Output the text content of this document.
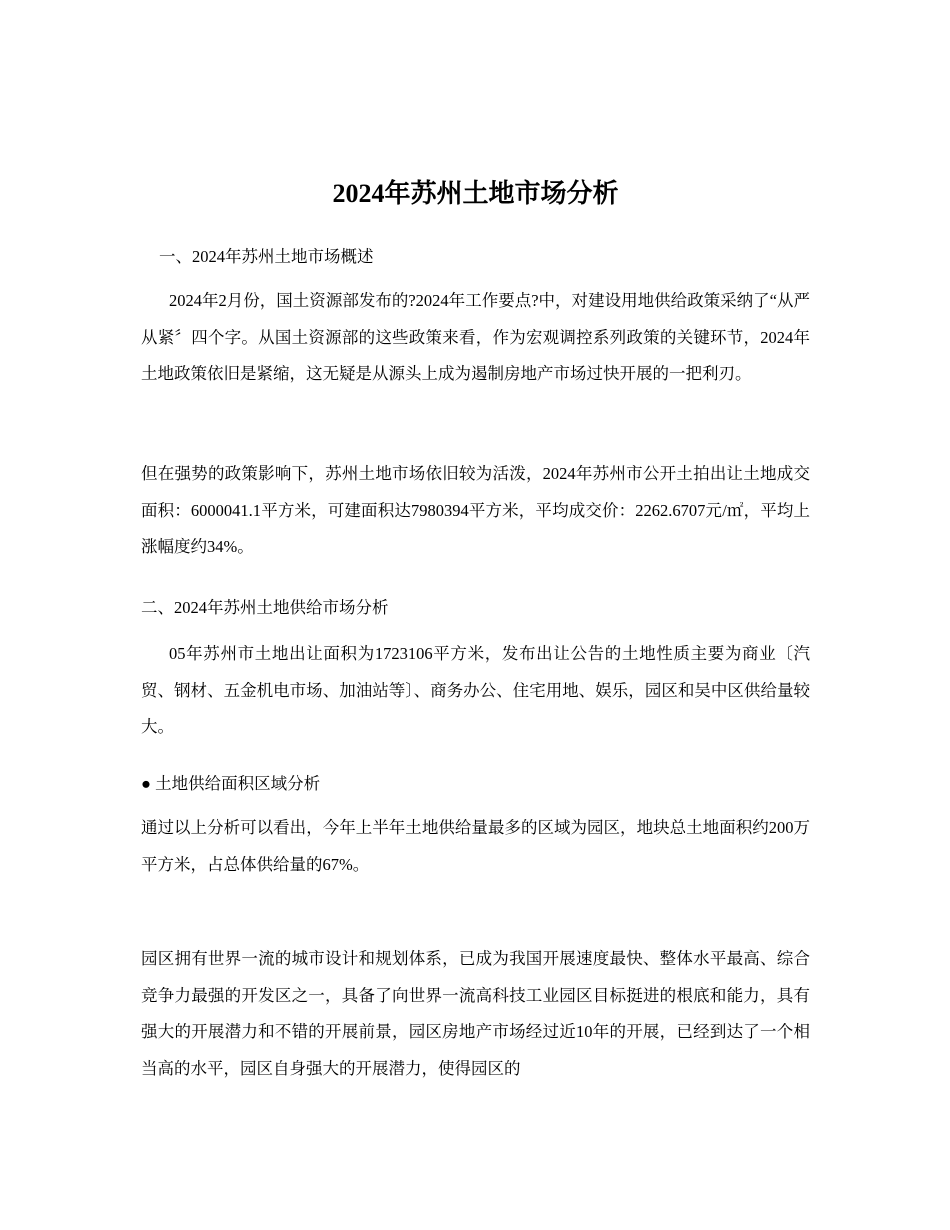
2024年苏州土地市场分析

一、2024年苏州土地市场概述

2024年2月份，国土资源部发布的?2024年工作要点?中，对建设用地供给政策采纳了“从严从紧〞四个字。从国土资源部的这些政策来看，作为宏观调控系列政策的关键环节，2024年土地政策依旧是紧缩，这无疑是从源头上成为遏制房地产市场过快开展的一把利刃。

但在强势的政策影响下，苏州土地市场依旧较为活泼，2024年苏州市公开土拍出让土地成交面积：6000041.1平方米，可建面积达7980394平方米，平均成交价：2262.6707元/㎡，平均上涨幅度约34%。

二、2024年苏州土地供给市场分析

05年苏州市土地出让面积为1723106平方米，发布出让公告的土地性质主要为商业〔汽贸、钢材、五金机电市场、加油站等〕、商务办公、住宅用地、娱乐，园区和吴中区供给量较大。

● 土地供给面积区域分析

通过以上分析可以看出，今年上半年土地供给量最多的区域为园区，地块总土地面积约200万平方米，占总体供给量的67%。

园区拥有世界一流的城市设计和规划体系，已成为我国开展速度最快、整体水平最高、综合竞争力最强的开发区之一，具备了向世界一流高科技工业园区目标挺进的根底和能力，具有强大的开展潜力和不错的开展前景，园区房地产市场经过近10年的开展，已经到达了一个相当高的水平，园区自身强大的开展潜力，使得园区的
